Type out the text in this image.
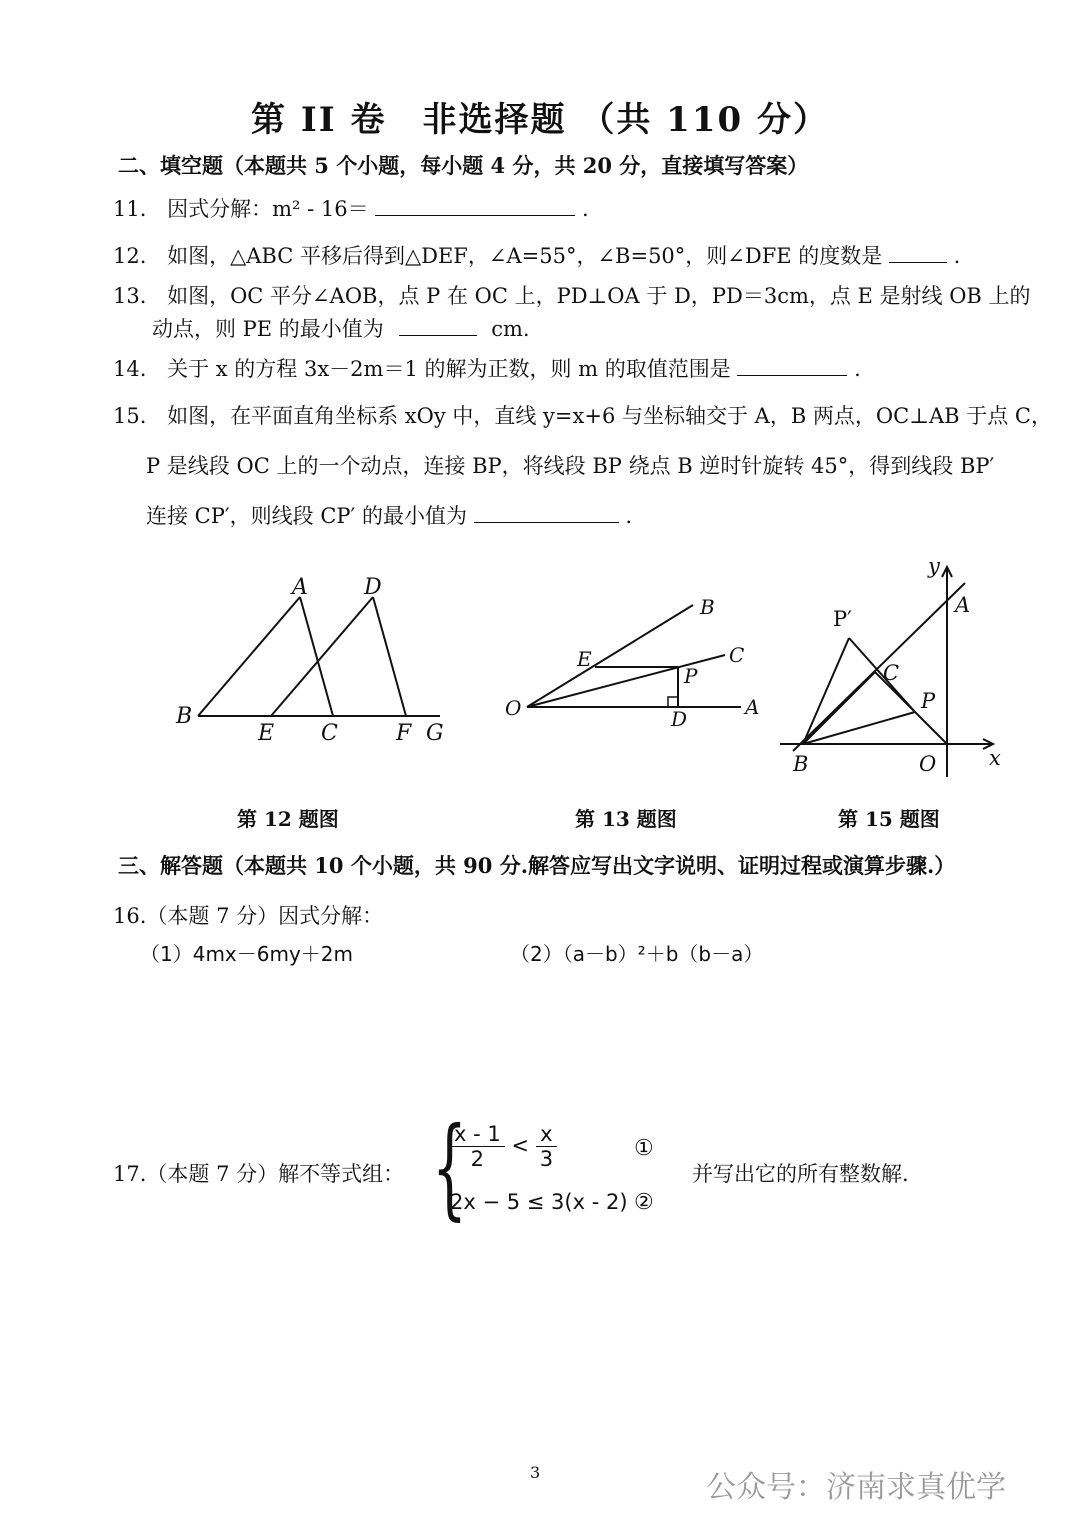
第 II 卷　非选择题 （共 110 分）
二、填空题（本题共 5 个小题，每小题 4 分，共 20 分，直接填写答案）
11. 因式分解：m² - 16＝	.
12. 如图，△ABC 平移后得到△DEF，∠A=55°，∠B=50°，则∠DFE 的度数是	.
13. 如图，OC 平分∠AOB，点 P 在 OC 上，PD⊥OA 于 D，PD＝3cm，点 E 是射线 OB 上的
动点，则 PE 的最小值为	cm.
14. 关于 x 的方程 3x－2m＝1 的解为正数，则 m 的取值范围是	.
15. 如图，在平面直角坐标系 xOy 中，直线 y=x+6 与坐标轴交于 A，B 两点，OC⊥AB 于点 C，
P 是线段 OC 上的一个动点，连接 BP，将线段 BP 绕点 B 逆时针旋转 45°，得到线段 BP′
连接 CP′，则线段 CP′ 的最小值为	.
A	D
B
E C	F G
B
C
E
P
O	D	A
y
A
P′
C
P
B	O	x
第 12 题图	第 13 题图	第 15 题图
三、解答题（本题共 10 个小题，共 90 分.解答应写出文字说明、证明过程或演算步骤.）
16.（本题 7 分）因式分解：
（1）4mx－6my＋2m	（2）（a－b）²＋b（b－a）
17.（本题 7 分）解不等式组： {
$\frac{x - 1}{2} < \frac{x}{3}$	①
2x − 5 ≤ 3(x - 2) ②
并写出它的所有整数解.
3	公众号：济南求真优学
